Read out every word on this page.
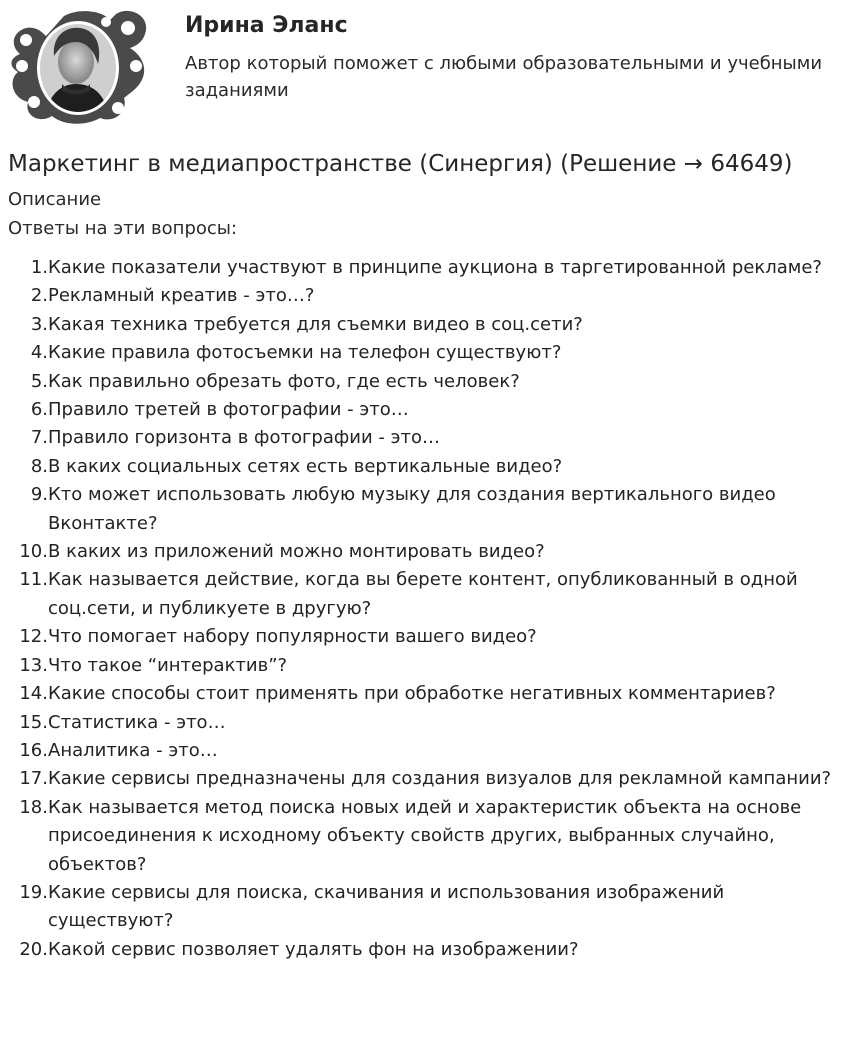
Ирина Эланс
Автор который поможет с любыми образовательными и учебными заданиями
Маркетинг в медиапространстве (Синергия) (Решение → 64649)
Описание
Ответы на эти вопросы:
1. Какие показатели участвуют в принципе аукциона в таргетированной рекламе?
2. Рекламный креатив - это…?
3. Какая техника требуется для съемки видео в соц.сети?
4. Какие правила фотосъемки на телефон существуют?
5. Как правильно обрезать фото, где есть человек?
6. Правило третей в фотографии - это…
7. Правило горизонта в фотографии - это…
8. В каких социальных сетях есть вертикальные видео?
9. Кто может использовать любую музыку для создания вертикального видео Вконтакте?
10. В каких из приложений можно монтировать видео?
11. Как называется действие, когда вы берете контент, опубликованный в одной соц.сети, и публикуете в другую?
12. Что помогает набору популярности вашего видео?
13. Что такое “интерактив”?
14. Какие способы стоит применять при обработке негативных комментариев?
15. Статистика - это…
16. Аналитика - это…
17. Какие сервисы предназначены для создания визуалов для рекламной кампании?
18. Как называется метод поиска новых идей и характеристик объекта на основе присоединения к исходному объекту свойств других, выбранных случайно, объектов?
19. Какие сервисы для поиска, скачивания и использования изображений существуют?
20. Какой сервис позволяет удалять фон на изображении?
